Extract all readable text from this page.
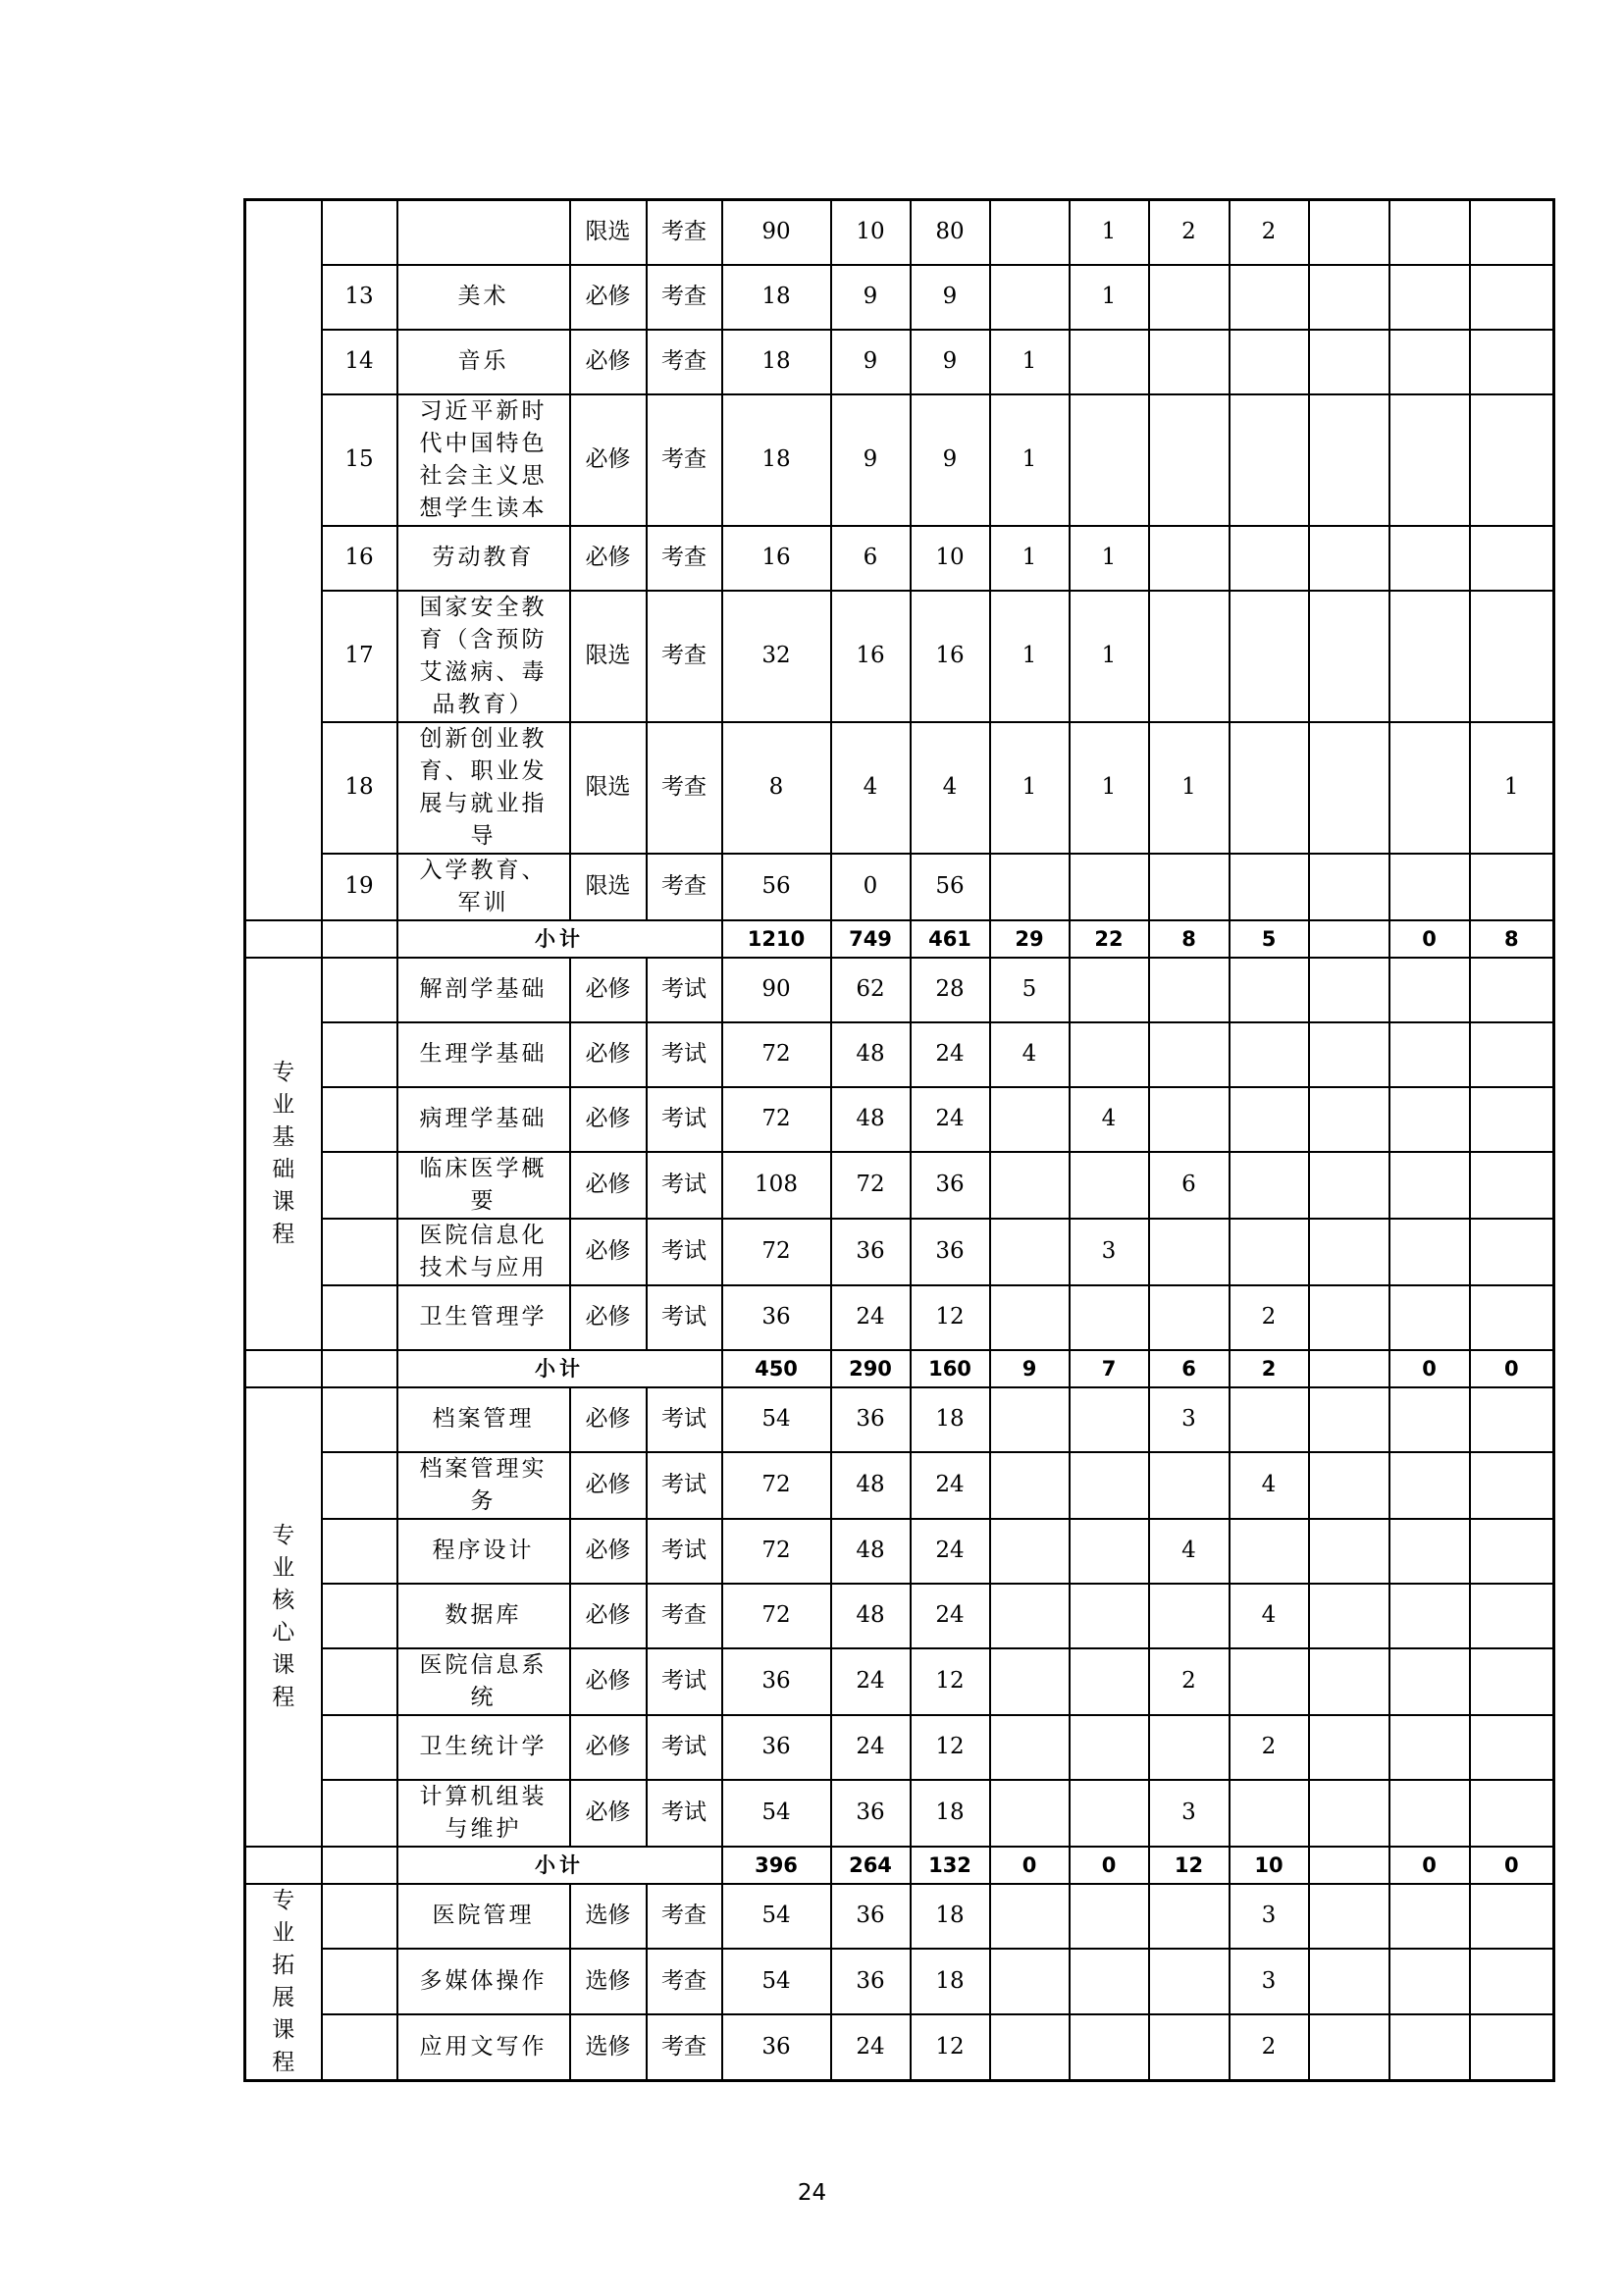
			限选	考查	90	10	80		1	2	2			
	13	美术	必修	考查	18	9	9		1					
	14	音乐	必修	考查	18	9	9	1						
	15	习近平新时代中国特色社会主义思想学生读本	必修	考查	18	9	9	1						
	16	劳动教育	必修	考查	16	6	10	1	1					
	17	国家安全教育（含预防艾滋病、毒品教育）	限选	考查	32	16	16	1	1					
	18	创新创业教育、职业发展与就业指导	限选	考查	8	4	4	1	1	1				1
	19	入学教育、军训	限选	考查	56	0	56							
		小计			1210	749	461	29	22	8	5		0	8
专业基础课程		解剖学基础	必修	考试	90	62	28	5						
		生理学基础	必修	考试	72	48	24	4						
		病理学基础	必修	考试	72	48	24		4					
		临床医学概要	必修	考试	108	72	36			6				
		医院信息化技术与应用	必修	考试	72	36	36		3					
		卫生管理学	必修	考试	36	24	12				2			
		小计			450	290	160	9	7	6	2		0	0
专业核心课程		档案管理	必修	考试	54	36	18			3				
		档案管理实务	必修	考试	72	48	24				4			
		程序设计	必修	考试	72	48	24			4				
		数据库	必修	考查	72	48	24				4			
		医院信息系统	必修	考试	36	24	12			2				
		卫生统计学	必修	考试	36	24	12				2			
		计算机组装与维护	必修	考试	54	36	18			3				
		小计			396	264	132	0	0	12	10		0	0
专业拓展课程		医院管理	选修	考查	54	36	18				3			
		多媒体操作	选修	考查	54	36	18				3			
		应用文写作	选修	考查	36	24	12				2			
24
